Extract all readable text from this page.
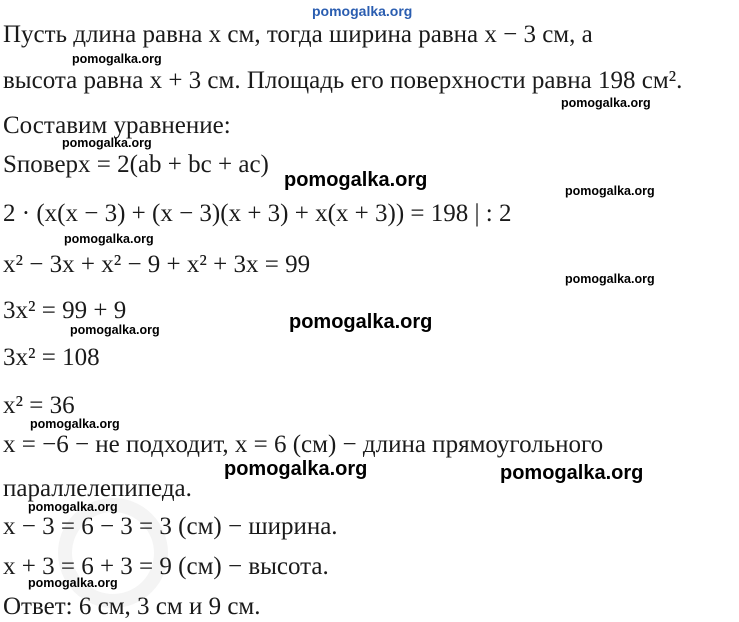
Пусть длина равна x см, тогда ширина равна x − 3 см, а
высота равна x + 3 см. Площадь его поверхности равна 198 см².
Составим уравнение:
Sповерх = 2(ab + bc + ac)
2 · (x(x − 3) + (x − 3)(x + 3) + x(x + 3)) = 198 | : 2
x² − 3x + x² − 9 + x² + 3x = 99
3x² = 99 + 9
3x² = 108
x² = 36
x = −6 − не подходит, x = 6 (см) − длина прямоугольного
параллелепипеда.
x − 3 = 6 − 3 = 3 (см) − ширина.
x + 3 = 6 + 3 = 9 (см) − высота.
Ответ: 6 см, 3 см и 9 см.
pomogalka.org
pomogalka.org
pomogalka.org
pomogalka.org
pomogalka.org	pomogalka.org
pomogalka.org
pomogalka.org
pomogalka.org
pomogalka.org
pomogalka.org
pomogalka.org	pomogalka.org
pomogalka.org
pomogalka.org
